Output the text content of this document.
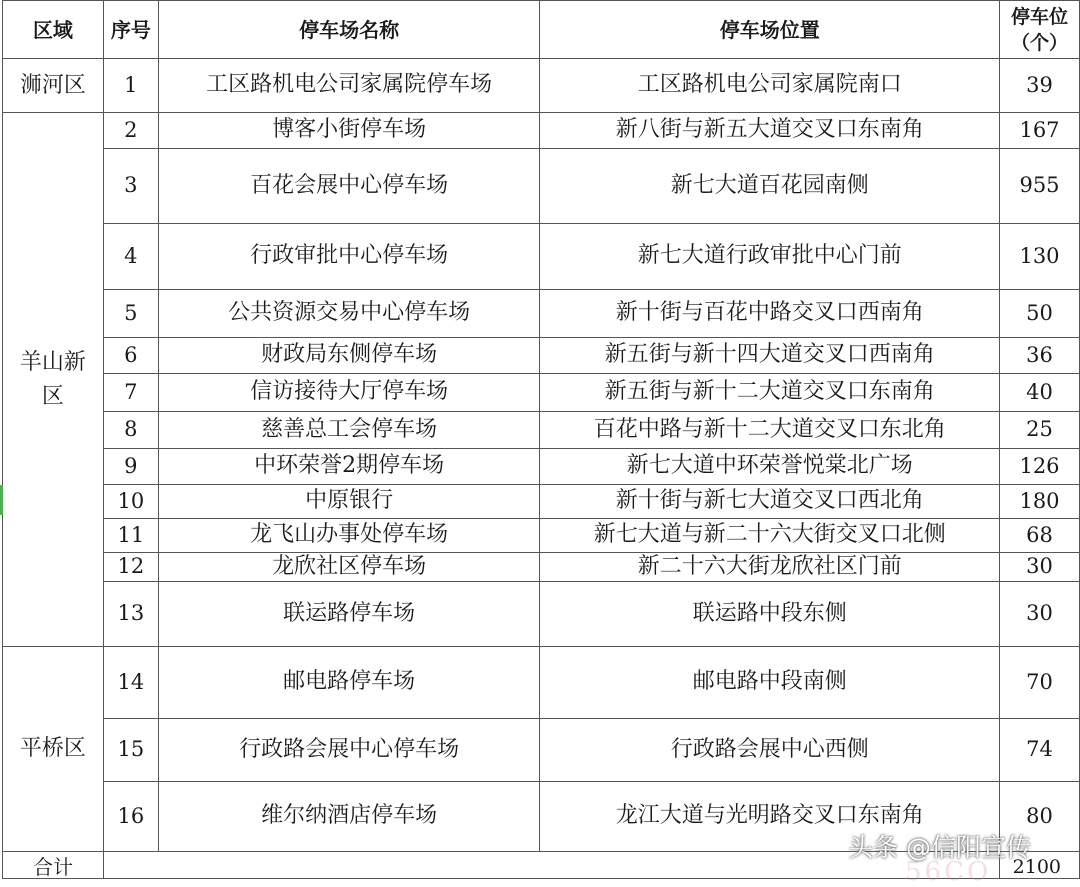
区域	序号	停车场名称	停车场位置	停车位（个）
浉河区	1	工区路机电公司家属院停车场	工区路机电公司家属院南口	39
羊山新区	2	博客小街停车场	新八街与新五大道交叉口东南角	167
	3	百花会展中心停车场	新七大道百花园南侧	955
	4	行政审批中心停车场	新七大道行政审批中心门前	130
	5	公共资源交易中心停车场	新十街与百花中路交叉口西南角	50
	6	财政局东侧停车场	新五街与新十四大道交叉口西南角	36
	7	信访接待大厅停车场	新五街与新十二大道交叉口东南角	40
	8	慈善总工会停车场	百花中路与新十二大道交叉口东北角	25
	9	中环荣誉2期停车场	新七大道中环荣誉悦棠北广场	126
	10	中原银行	新十街与新七大道交叉口西北角	180
	11	龙飞山办事处停车场	新七大道与新二十六大街交叉口北侧	68
	12	龙欣社区停车场	新二十六大街龙欣社区门前	30
	13	联运路停车场	联运路中段东侧	30
平桥区	14	邮电路停车场	邮电路中段南侧	70
	15	行政路会展中心停车场	行政路会展中心西侧	74
	16	维尔纳酒店停车场	龙江大道与光明路交叉口东南角	80
合计				2100
56CO
头条 @信阳宣传
